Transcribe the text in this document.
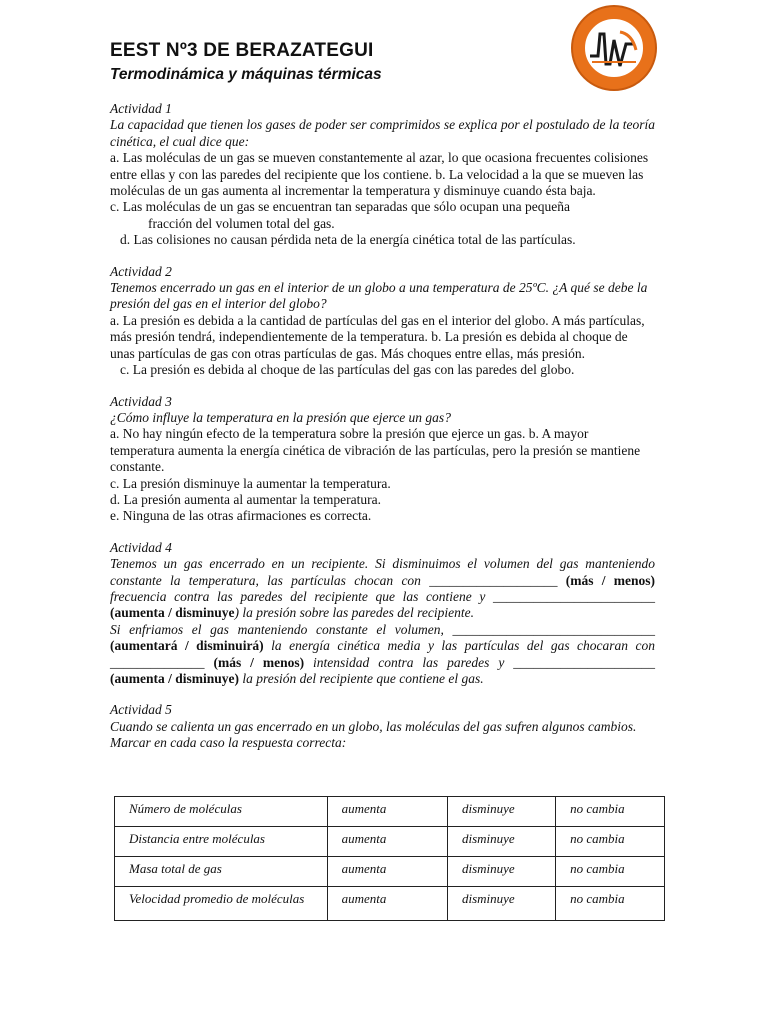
EEST Nº3 DE BERAZATEGUI
Termodinámica y máquinas térmicas
Actividad 1
La capacidad que tienen los gases de poder ser comprimidos se explica por el postulado de la teoría cinética, el cual dice que:
a. Las moléculas de un gas se mueven constantemente al azar, lo que ocasiona frecuentes colisiones entre ellas y con las paredes del recipiente que los contiene. b. La velocidad a la que se mueven las moléculas de un gas aumenta al incrementar la temperatura y disminuye cuando ésta baja.
c. Las moléculas de un gas se encuentran tan separadas que sólo ocupan una pequeña
fracción del volumen total del gas.
d. Las colisiones no causan pérdida neta de la energía cinética total de las partículas.
Actividad 2
Tenemos encerrado un gas en el interior de un globo a una temperatura de 25ºC. ¿A qué se debe la presión del gas en el interior del globo?
a. La presión es debida a la cantidad de partículas del gas en el interior del globo. A más partículas, más presión tendrá, independientemente de la temperatura. b. La presión es debida al choque de unas partículas de gas con otras partículas de gas. Más choques entre ellas, más presión.
c. La presión es debida al choque de las partículas del gas con las paredes del globo.
Actividad 3
¿Cómo influye la temperatura en la presión que ejerce un gas?
a. No hay ningún efecto de la temperatura sobre la presión que ejerce un gas. b. A mayor temperatura aumenta la energía cinética de vibración de las partículas, pero la presión se mantiene constante.
c. La presión disminuye la aumentar la temperatura.
d. La presión aumenta al aumentar la temperatura.
e. Ninguna de las otras afirmaciones es correcta.
Actividad 4
Tenemos un gas encerrado en un recipiente. Si disminuimos el volumen del gas manteniendo constante la temperatura, las partículas chocan con ___________________ (más / menos) frecuencia contra las paredes del recipiente que las contiene y ________________________ (aumenta / disminuye) la presión sobre las paredes del recipiente.
Si enfriamos el gas manteniendo constante el volumen, ______________________________ (aumentará / disminuirá) la energía cinética media y las partículas del gas chocaran con ______________ (más / menos) intensidad contra las paredes y _____________________ (aumenta / disminuye) la presión del recipiente que contiene el gas.
Actividad 5
Cuando se calienta un gas encerrado en un globo, las moléculas del gas sufren algunos cambios. Marcar en cada caso la respuesta correcta:
Número de moléculas	aumenta	disminuye	no cambia
Distancia entre moléculas	aumenta	disminuye	no cambia
Masa total de gas	aumenta	disminuye	no cambia
Velocidad promedio de moléculas	aumenta	disminuye	no cambia
